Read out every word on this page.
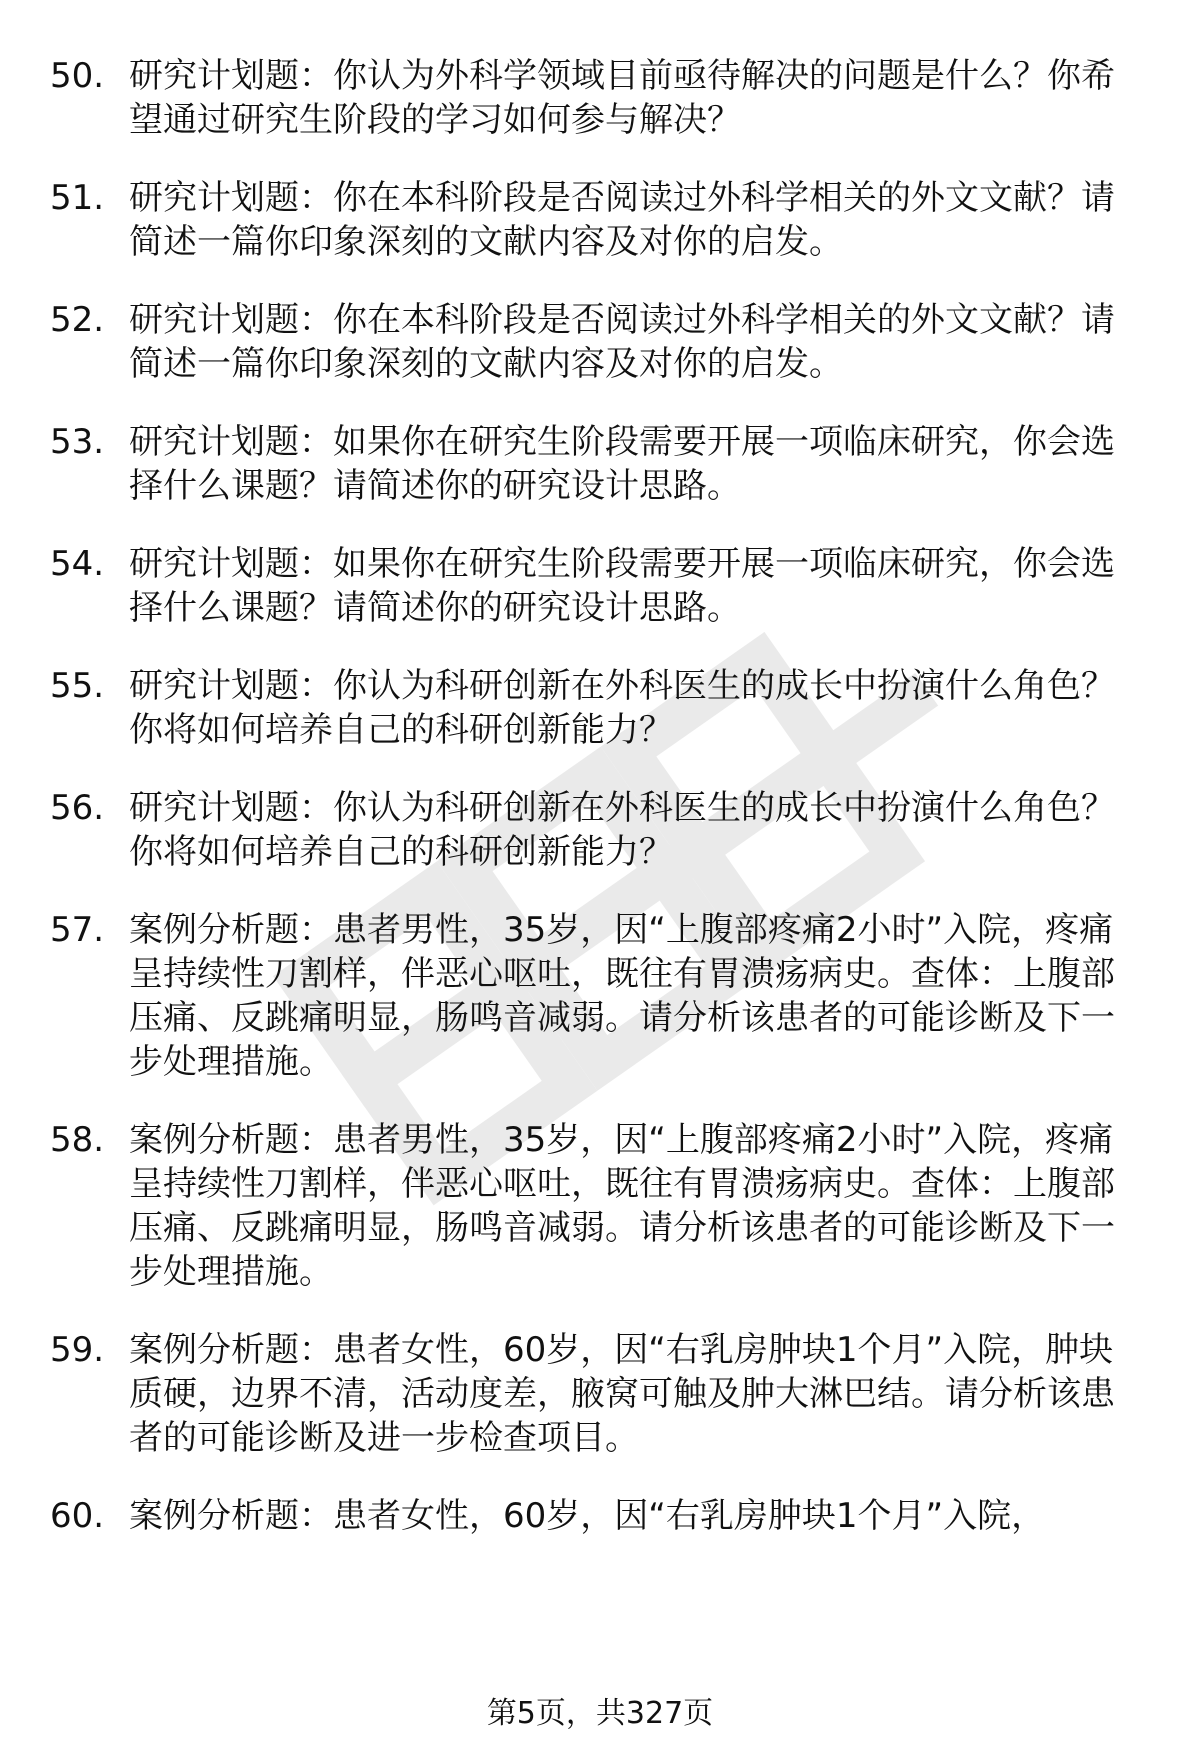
50. 研究计划题：你认为外科学领域目前亟待解决的问题是什么？你希望通过研究生阶段的学习如何参与解决？
51. 研究计划题：你在本科阶段是否阅读过外科学相关的外文文献？请简述一篇你印象深刻的文献内容及对你的启发。
52. 研究计划题：你在本科阶段是否阅读过外科学相关的外文文献？请简述一篇你印象深刻的文献内容及对你的启发。
53. 研究计划题：如果你在研究生阶段需要开展一项临床研究，你会选择什么课题？请简述你的研究设计思路。
54. 研究计划题：如果你在研究生阶段需要开展一项临床研究，你会选择什么课题？请简述你的研究设计思路。
55. 研究计划题：你认为科研创新在外科医生的成长中扮演什么角色？你将如何培养自己的科研创新能力？
56. 研究计划题：你认为科研创新在外科医生的成长中扮演什么角色？你将如何培养自己的科研创新能力？
57. 案例分析题：患者男性，35岁，因“上腹部疼痛2小时”入院，疼痛呈持续性刀割样，伴恶心呕吐，既往有胃溃疡病史。查体：上腹部压痛、反跳痛明显，肠鸣音减弱。请分析该患者的可能诊断及下一步处理措施。
58. 案例分析题：患者男性，35岁，因“上腹部疼痛2小时”入院，疼痛呈持续性刀割样，伴恶心呕吐，既往有胃溃疡病史。查体：上腹部压痛、反跳痛明显，肠鸣音减弱。请分析该患者的可能诊断及下一步处理措施。
59. 案例分析题：患者女性，60岁，因“右乳房肿块1个月”入院，肿块质硬，边界不清，活动度差，腋窝可触及肿大淋巴结。请分析该患者的可能诊断及进一步检查项目。
60. 案例分析题：患者女性，60岁，因“右乳房肿块1个月”入院，
第5页，共327页
